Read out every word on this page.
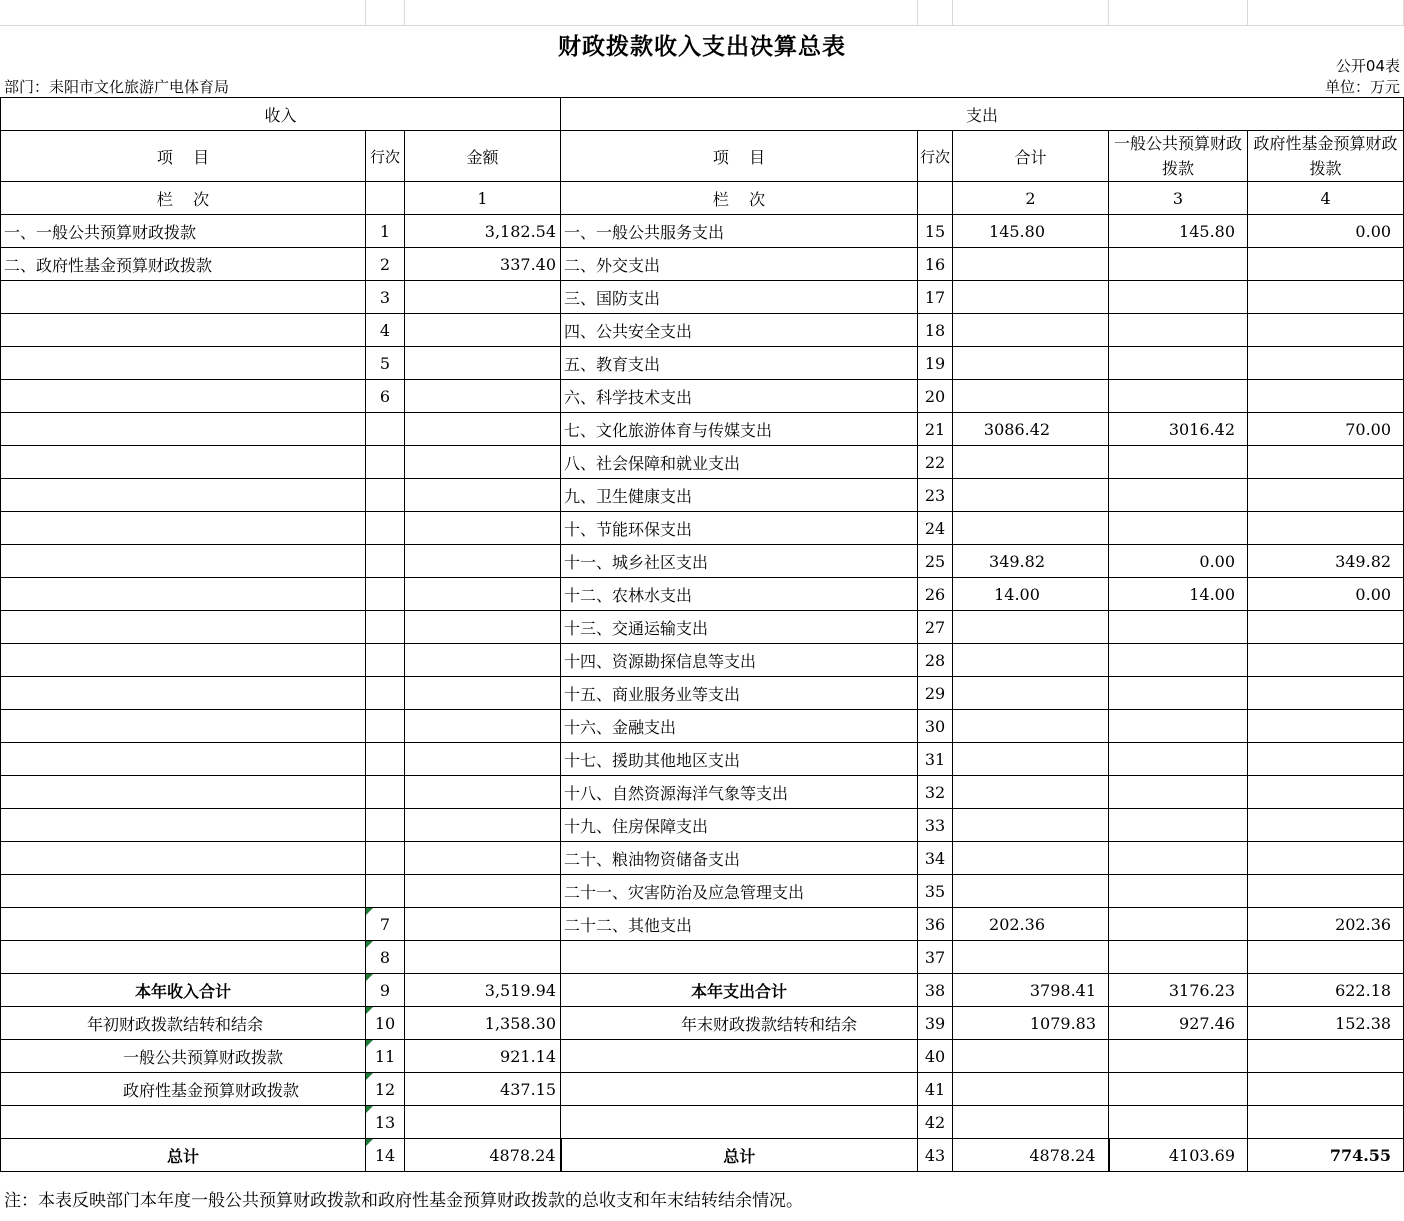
财政拨款收入支出决算总表
公开04表
部门：耒阳市文化旅游广电体育局	单位：万元
收入			支出				
项    目	行次	金额	项    目	行次	合计	一般公共预算财政拨款	政府性基金预算财政拨款
栏    次		1	栏    次		2	3	4
一、一般公共预算财政拨款	1	3,182.54	一、一般公共服务支出	15	145.80	145.80	0.00
二、政府性基金预算财政拨款	2	337.40	二、外交支出	16			
	3		三、国防支出	17			
	4		四、公共安全支出	18			
	5		五、教育支出	19			
	6		六、科学技术支出	20			
			七、文化旅游体育与传媒支出	21	3086.42	3016.42	70.00
			八、社会保障和就业支出	22			
			九、卫生健康支出	23			
			十、节能环保支出	24			
			十一、城乡社区支出	25	349.82	0.00	349.82
			十二、农林水支出	26	14.00	14.00	0.00
			十三、交通运输支出	27			
			十四、资源勘探信息等支出	28			
			十五、商业服务业等支出	29			
			十六、金融支出	30			
			十七、援助其他地区支出	31			
			十八、自然资源海洋气象等支出	32			
			十九、住房保障支出	33			
			二十、粮油物资储备支出	34			
			二十一、灾害防治及应急管理支出	35			
	7		二十二、其他支出	36	202.36		202.36
	8			37			
本年收入合计	9	3,519.94	本年支出合计	38	3798.41	3176.23	622.18
年初财政拨款结转和结余	10	1,358.30	年末财政拨款结转和结余	39	1079.83	927.46	152.38
一般公共预算财政拨款	11	921.14		40			
政府性基金预算财政拨款	12	437.15		41			
	13			42			
总计	14	4878.24	总计	43	4878.24	4103.69	774.55
注：本表反映部门本年度一般公共预算财政拨款和政府性基金预算财政拨款的总收支和年末结转结余情况。
